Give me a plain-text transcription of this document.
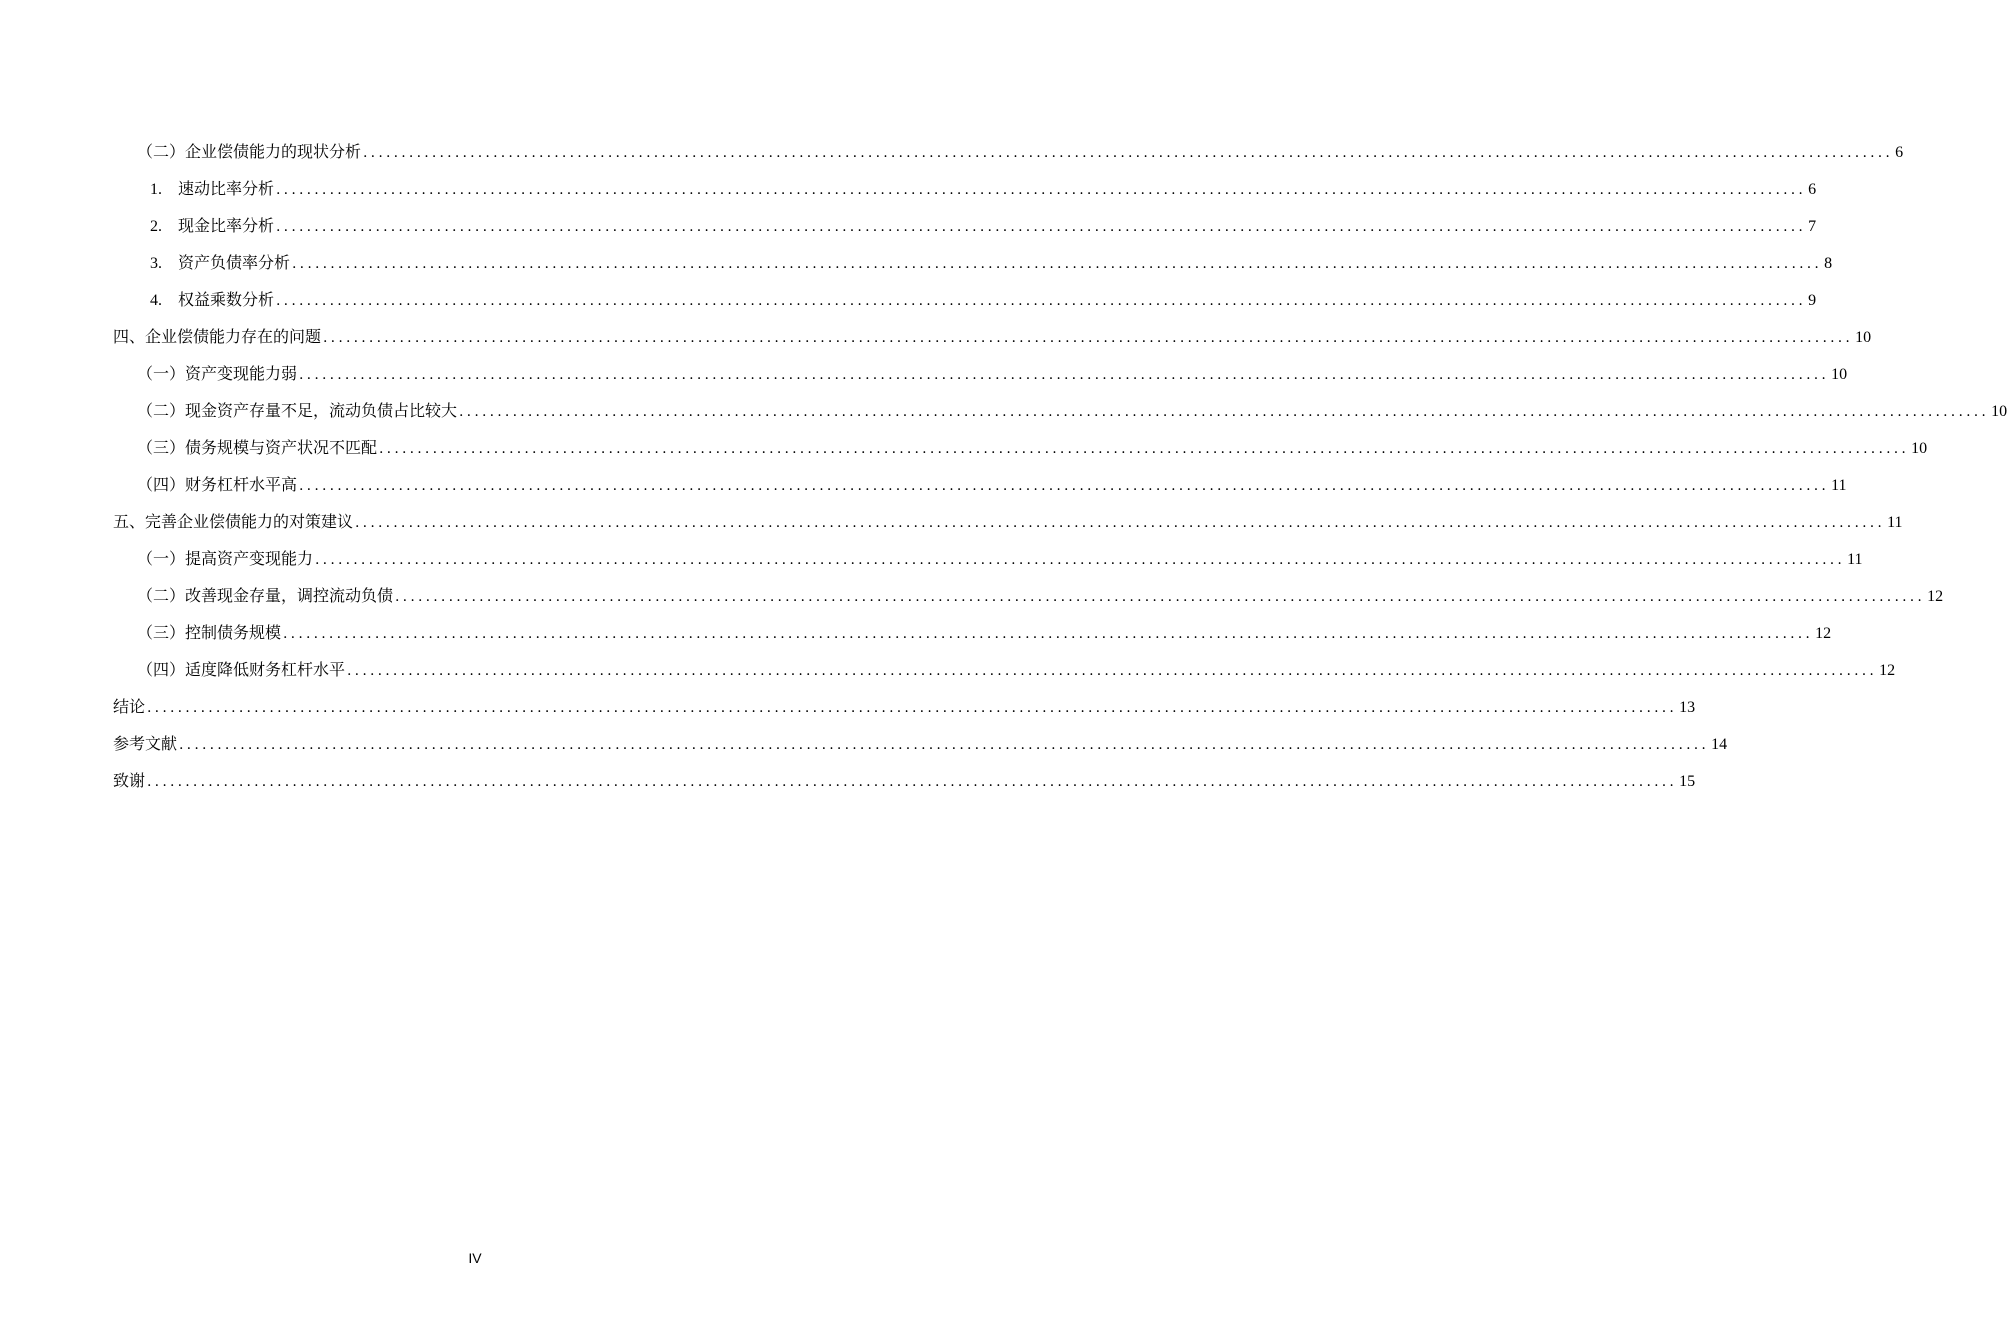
（二）企业偿债能力的现状分析 ........................................................................................................................................................................................................ 6
1. 速动比率分析 ........................................................................................................................................................................................................ 6
2. 现金比率分析 ........................................................................................................................................................................................................ 7
3. 资产负债率分析 ........................................................................................................................................................................................................ 8
4. 权益乘数分析 ........................................................................................................................................................................................................ 9
四、企业偿债能力存在的问题 ........................................................................................................................................................................................................ 10
（一）资产变现能力弱 ........................................................................................................................................................................................................ 10
（二）现金资产存量不足，流动负债占比较大 ........................................................................................................................................................................................................ 10
（三）债务规模与资产状况不匹配 ........................................................................................................................................................................................................ 10
（四）财务杠杆水平高 ........................................................................................................................................................................................................ 11
五、完善企业偿债能力的对策建议 ........................................................................................................................................................................................................ 11
（一）提高资产变现能力 ........................................................................................................................................................................................................ 11
（二）改善现金存量，调控流动负债 ........................................................................................................................................................................................................ 12
（三）控制债务规模 ........................................................................................................................................................................................................ 12
（四）适度降低财务杠杆水平 ........................................................................................................................................................................................................ 12
结论 ........................................................................................................................................................................................................ 13
参考文献 ........................................................................................................................................................................................................ 14
致谢 ........................................................................................................................................................................................................ 15
IV
